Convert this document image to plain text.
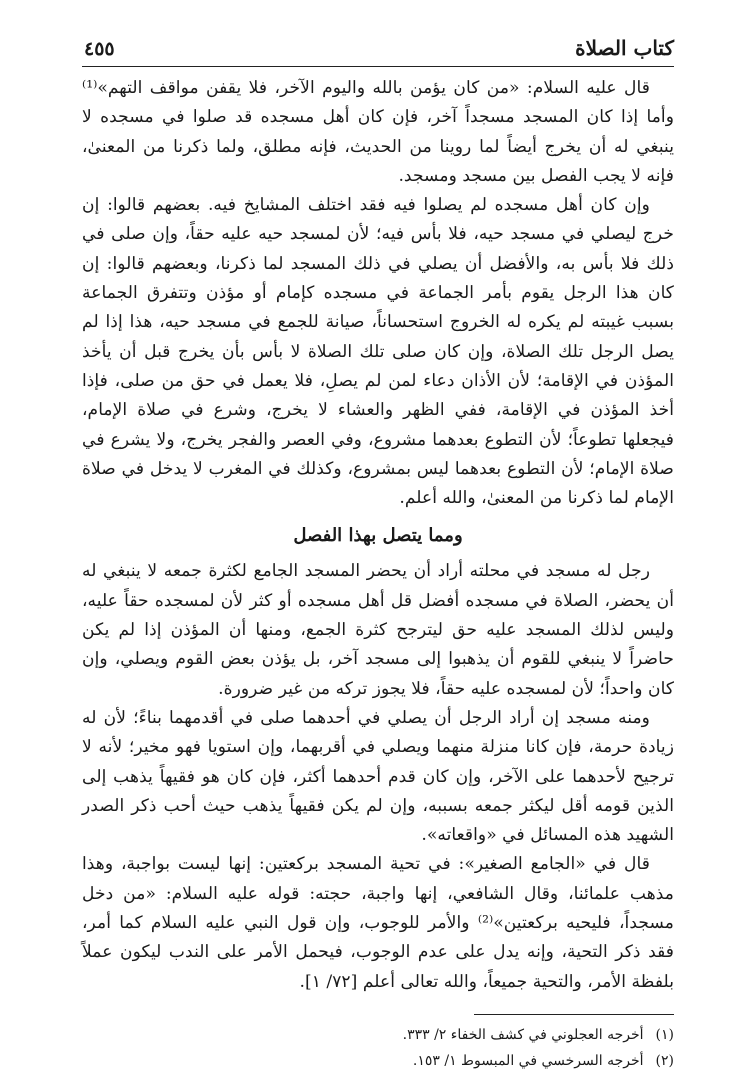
كتاب الصلاة
٤٥٥

قال عليه السلام: «من كان يؤمن بالله واليوم الآخر، فلا يقفن مواقف التهم»⁽¹⁾ وأما إذا كان المسجد مسجداً آخر، فإن كان أهل مسجده قد صلوا في مسجده لا ينبغي له أن يخرج أيضاً لما روينا من الحديث، فإنه مطلق، ولما ذكرنا من المعنىٰ، فإنه لا يجب الفصل بين مسجد ومسجد.

وإن كان أهل مسجده لم يصلوا فيه فقد اختلف المشايخ فيه. بعضهم قالوا: إن خرج ليصلي في مسجد حيه، فلا بأس فيه؛ لأن لمسجد حيه عليه حقاً، وإن صلى في ذلك فلا بأس به، والأفضل أن يصلي في ذلك المسجد لما ذكرنا، وبعضهم قالوا: إن كان هذا الرجل يقوم بأمر الجماعة في مسجده كإمام أو مؤذن وتتفرق الجماعة بسبب غيبته لم يكره له الخروج استحساناً، صيانة للجمع في مسجد حيه، هذا إذا لم يصل الرجل تلك الصلاة، وإن كان صلى تلك الصلاة لا بأس بأن يخرج قبل أن يأخذ المؤذن في الإقامة؛ لأن الأذان دعاء لمن لم يصلِ، فلا يعمل في حق من صلى، فإذا أخذ المؤذن في الإقامة، ففي الظهر والعشاء لا يخرج، وشرع في صلاة الإمام، فيجعلها تطوعاً؛ لأن التطوع بعدهما مشروع، وفي العصر والفجر يخرج، ولا يشرع في صلاة الإمام؛ لأن التطوع بعدهما ليس بمشروع، وكذلك في المغرب لا يدخل في صلاة الإمام لما ذكرنا من المعنىٰ، والله أعلم.

ومما يتصل بهذا الفصل

رجل له مسجد في محلته أراد أن يحضر المسجد الجامع لكثرة جمعه لا ينبغي له أن يحضر، الصلاة في مسجده أفضل قل أهل مسجده أو كثر لأن لمسجده حقاً عليه، وليس لذلك المسجد عليه حق ليترجح كثرة الجمع، ومنها أن المؤذن إذا لم يكن حاضراً لا ينبغي للقوم أن يذهبوا إلى مسجد آخر، بل يؤذن بعض القوم ويصلي، وإن كان واحداً؛ لأن لمسجده عليه حقاً، فلا يجوز تركه من غير ضرورة.

ومنه مسجد إن أراد الرجل أن يصلي في أحدهما صلى في أقدمهما بناءً؛ لأن له زيادة حرمة، فإن كانا منزلة منهما ويصلي في أقربهما، وإن استويا فهو مخير؛ لأنه لا ترجيح لأحدهما على الآخر، وإن كان قدم أحدهما أكثر، فإن كان هو فقيهاً يذهب إلى الذين قومه أقل ليكثر جمعه بسببه، وإن لم يكن فقيهاً يذهب حيث أحب ذكر الصدر الشهيد هذه المسائل في «واقعاته».

قال في «الجامع الصغير»: في تحية المسجد بركعتين: إنها ليست بواجبة، وهذا مذهب علمائنا، وقال الشافعي، إنها واجبة، حجته: قوله عليه السلام: «من دخل مسجداً، فليحيه بركعتين»⁽²⁾ والأمر للوجوب، وإن قول النبي عليه السلام كما أمر، فقد ذكر التحية، وإنه يدل على عدم الوجوب، فيحمل الأمر على الندب ليكون عملاً بلفظة الأمر، والتحية جميعاً، والله تعالى أعلم [٧٢/ ١].

(١)أخرجه العجلوني في كشف الخفاء ٢/ ٣٣٣.

(٢)أخرجه السرخسي في المبسوط ١/ ١٥٣.
